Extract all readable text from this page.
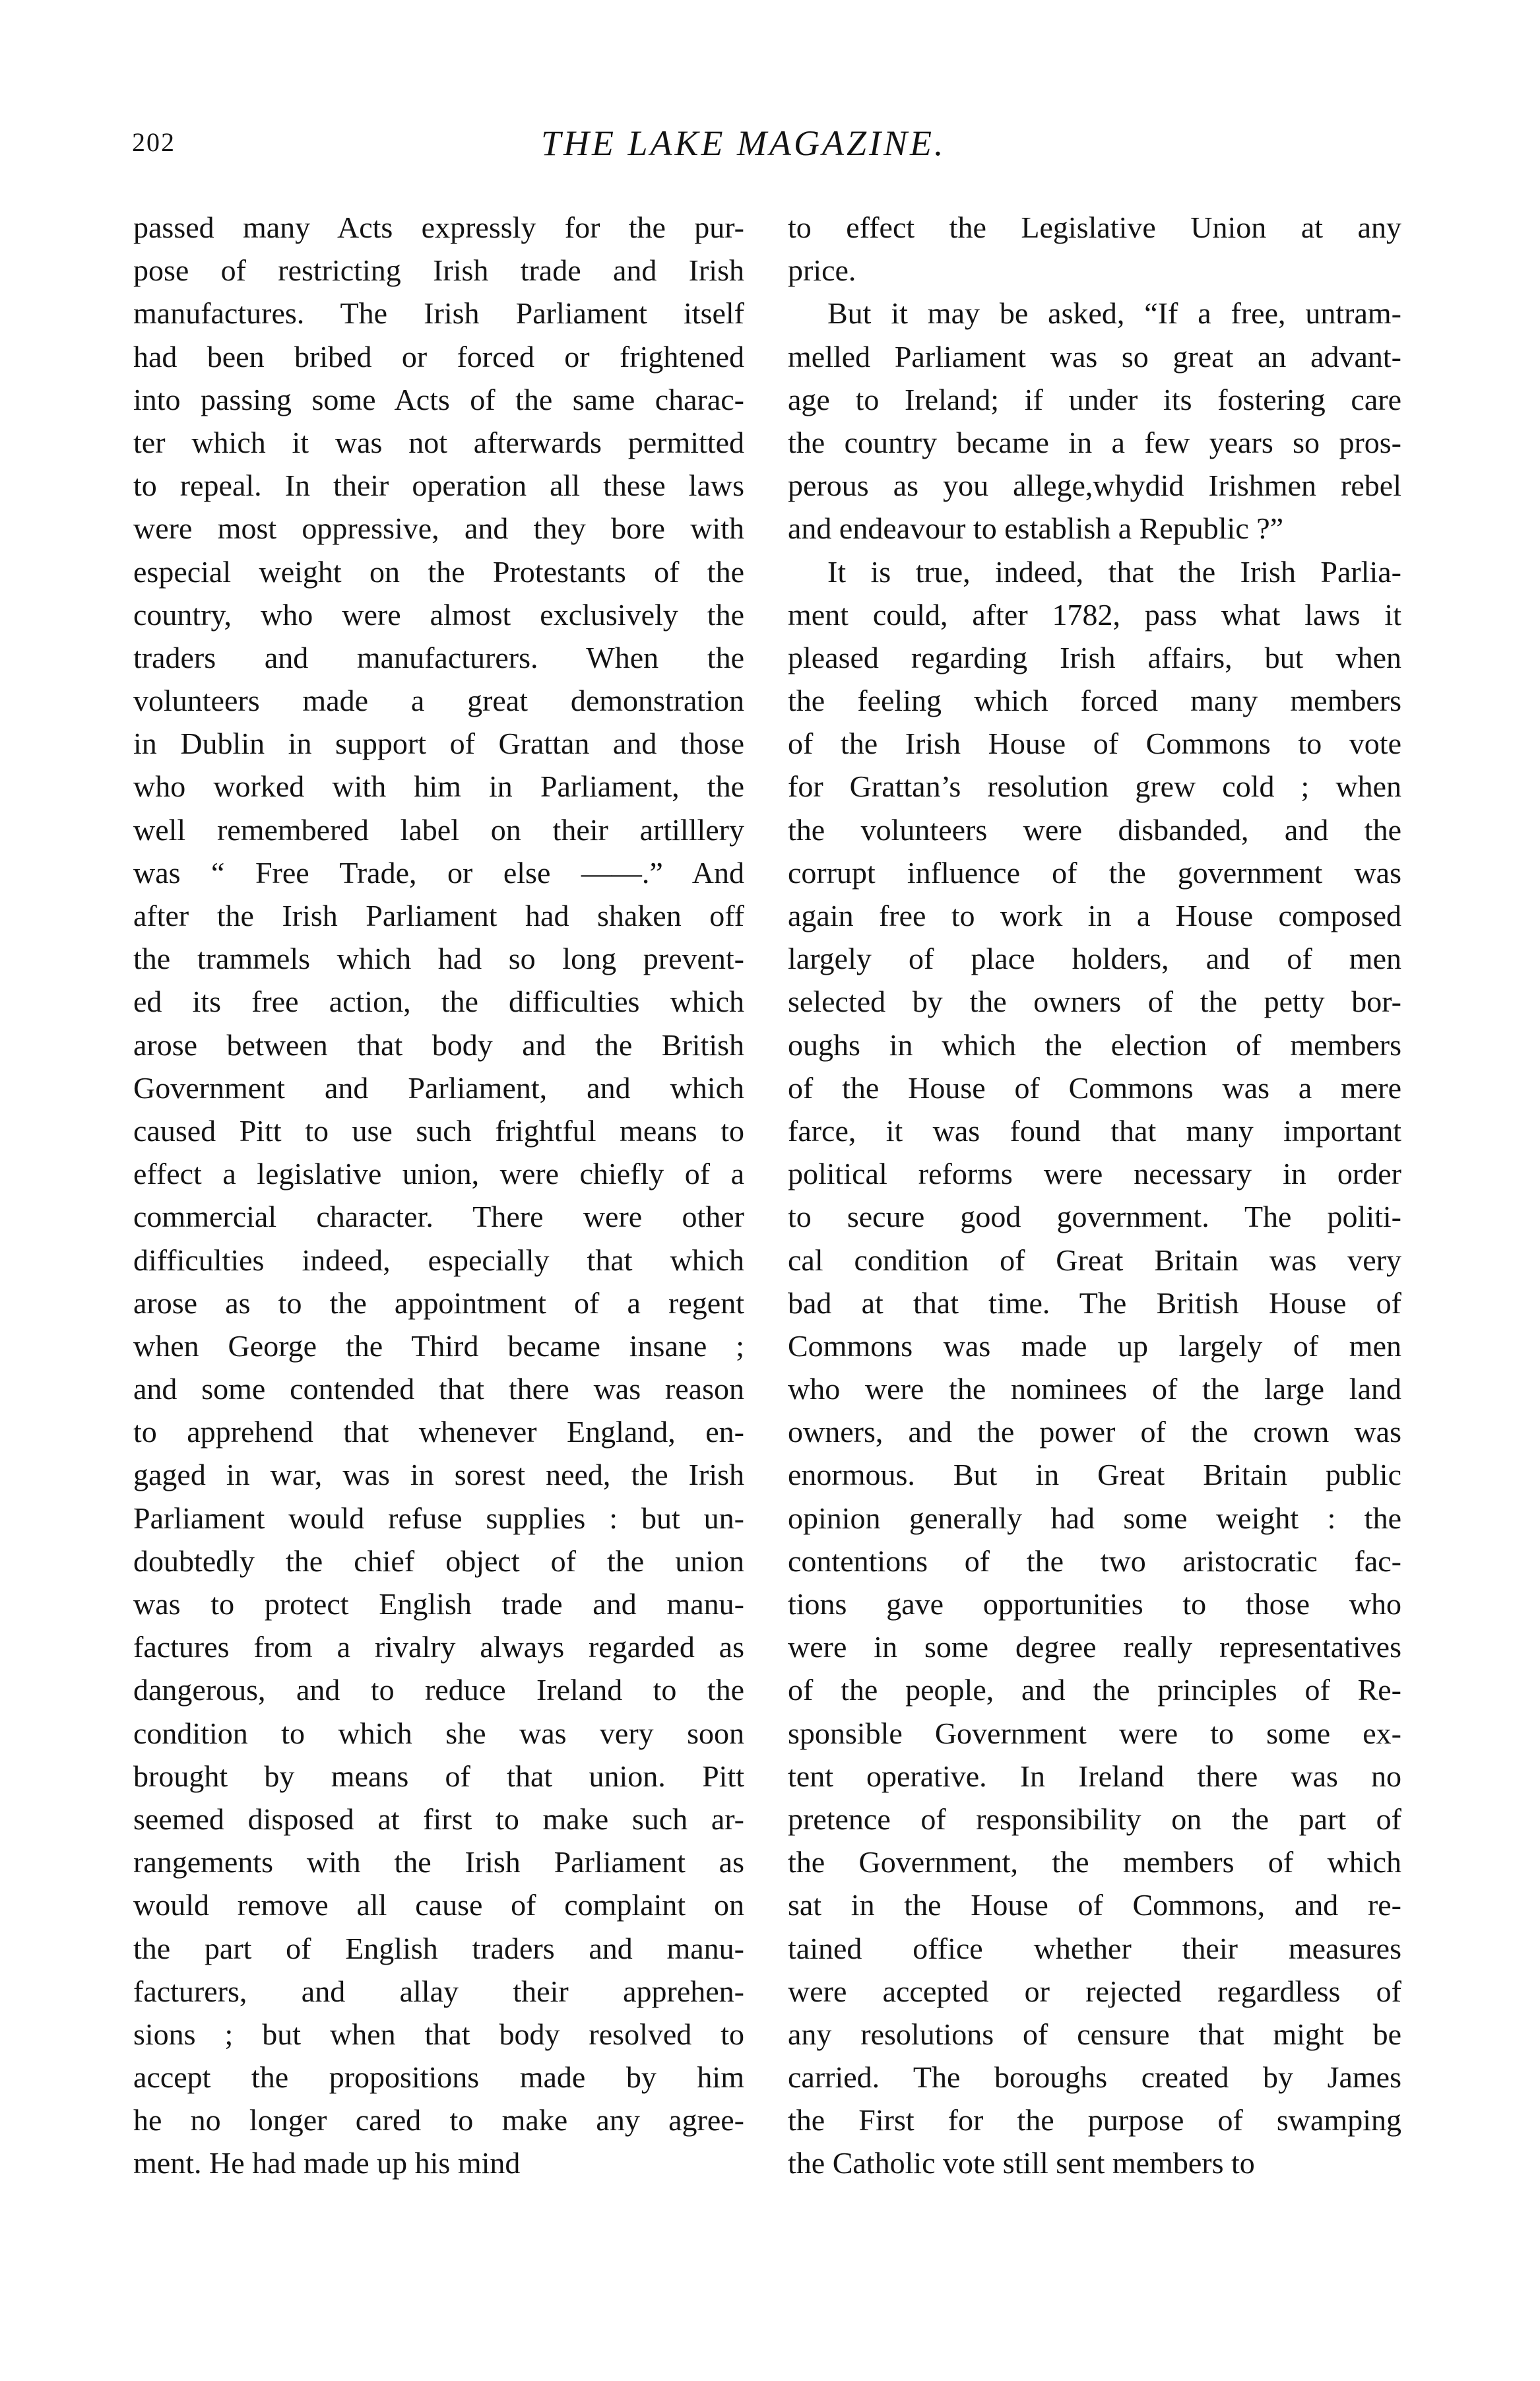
202	THE LAKE MAGAZINE.
passed many Acts expressly for the pur-
pose of restricting Irish trade and Irish
manufactures. The Irish Parliament itself
had been bribed or forced or frightened
into passing some Acts of the same charac-
ter which it was not afterwards permitted
to repeal. In their operation all these laws
were most oppressive, and they bore with
especial weight on the Protestants of the
country, who were almost exclusively the
traders and manufacturers. When the
volunteers made a great demonstration
in Dublin in support of Grattan and those
who worked with him in Parliament, the
well remembered label on their artilllery
was “ Free Trade, or else ——.” And
after the Irish Parliament had shaken off
the trammels which had so long prevent-
ed its free action, the difficulties which
arose between that body and the British
Government and Parliament, and which
caused Pitt to use such frightful means to
effect a legislative union, were chiefly of a
commercial character. There were other
difficulties indeed, especially that which
arose as to the appointment of a regent
when George the Third became insane ;
and some contended that there was reason
to apprehend that whenever England, en-
gaged in war, was in sorest need, the Irish
Parliament would refuse supplies : but un-
doubtedly the chief object of the union
was to protect English trade and manu-
factures from a rivalry always regarded as
dangerous, and to reduce Ireland to the
condition to which she was very soon
brought by means of that union. Pitt
seemed disposed at first to make such ar-
rangements with the Irish Parliament as
would remove all cause of complaint on
the part of English traders and manu-
facturers, and allay their apprehen-
sions ; but when that body resolved to
accept the propositions made by him
he no longer cared to make any agree-
ment. He had made up his mind
to effect the Legislative Union at any
price.
But it may be asked, “If a free, untram-
melled Parliament was so great an advant-
age to Ireland; if under its fostering care
the country became in a few years so pros-
perous as you allege,whydid Irishmen rebel
and endeavour to establish a Republic ?”
It is true, indeed, that the Irish Parlia-
ment could, after 1782, pass what laws it
pleased regarding Irish affairs, but when
the feeling which forced many members
of the Irish House of Commons to vote
for Grattan’s resolution grew cold ; when
the volunteers were disbanded, and the
corrupt influence of the government was
again free to work in a House composed
largely of place holders, and of men
selected by the owners of the petty bor-
oughs in which the election of members
of the House of Commons was a mere
farce, it was found that many important
political reforms were necessary in order
to secure good government. The politi-
cal condition of Great Britain was very
bad at that time. The British House of
Commons was made up largely of men
who were the nominees of the large land
owners, and the power of the crown was
enormous. But in Great Britain public
opinion generally had some weight : the
contentions of the two aristocratic fac-
tions gave opportunities to those who
were in some degree really representatives
of the people, and the principles of Re-
sponsible Government were to some ex-
tent operative. In Ireland there was no
pretence of responsibility on the part of
the Government, the members of which
sat in the House of Commons, and re-
tained office whether their measures
were accepted or rejected regardless of
any resolutions of censure that might be
carried. The boroughs created by James
the First for the purpose of swamping
the Catholic vote still sent members to
